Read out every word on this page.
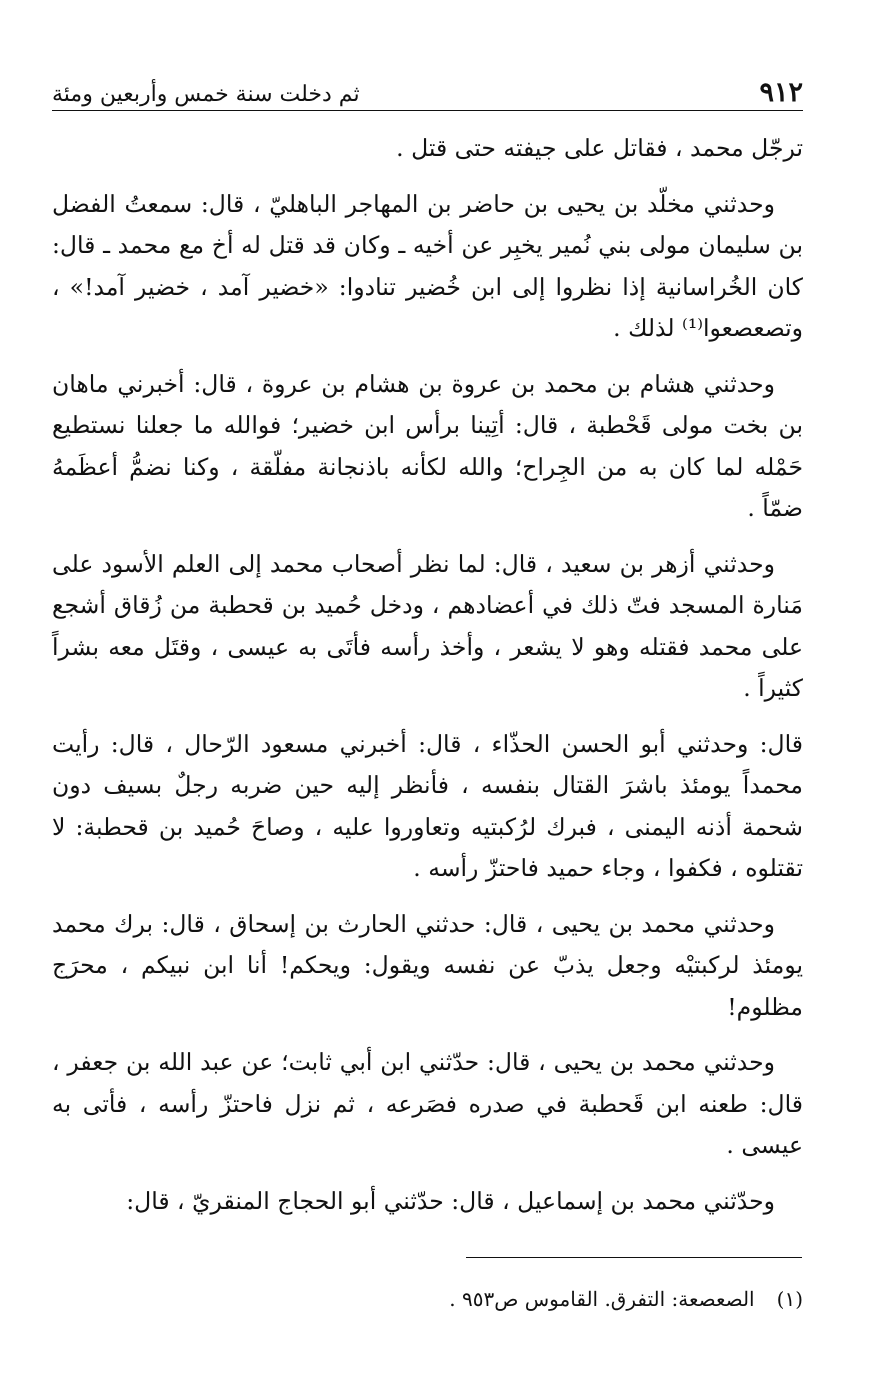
٩١٢
ثم دخلت سنة خمس وأربعين ومئة

ترجّل محمد ، فقاتل على جيفته حتى قتل .

وحدثني مخلّد بن يحيى بن حاضر بن المهاجر الباهليّ ، قال: سمعتُ الفضل بن سليمان مولى بني نُمير يخبِر عن أخيه ـ وكان قد قتل له أخ مع محمد ـ قال: كان الخُراسانية إذا نظروا إلى ابن خُضير تنادوا: «خضير آمد ، خضير آمد!» ، وتصعصعوا⁽¹⁾ لذلك .

وحدثني هشام بن محمد بن عروة بن هشام بن عروة ، قال: أخبرني ماهان بن بخت مولى قَحْطبة ، قال: أتِينا برأس ابن خضير؛ فوالله ما جعلنا نستطيع حَمْله لما كان به من الجِراح؛ والله لكأنه باذنجانة مفلّقة ، وكنا نضمُّ أعظَمهُ ضمّاً .

وحدثني أزهر بن سعيد ، قال: لما نظر أصحاب محمد إلى العلم الأسود على مَنارة المسجد فتّ ذلك في أعضادهم ، ودخل حُميد بن قحطبة من زُقاق أشجع على محمد فقتله وهو لا يشعر ، وأخذ رأسه فأتَى به عيسى ، وقتَل معه بشراً كثيراً .

قال: وحدثني أبو الحسن الحذّاء ، قال: أخبرني مسعود الرّحال ، قال: رأيت محمداً يومئذ باشرَ القتال بنفسه ، فأنظر إليه حين ضربه رجلٌ بسيف دون شحمة أذنه اليمنى ، فبرك لرُكبتيه وتعاوروا عليه ، وصاحَ حُميد بن قحطبة: لا تقتلوه ، فكفوا ، وجاء حميد فاحتزّ رأسه .

وحدثني محمد بن يحيى ، قال: حدثني الحارث بن إسحاق ، قال: برك محمد يومئذ لركبتيْه وجعل يذبّ عن نفسه ويقول: ويحكم! أنا ابن نبيكم ، محرَج مظلوم!

وحدثني محمد بن يحيى ، قال: حدّثني ابن أبي ثابت؛ عن عبد الله بن جعفر ، قال: طعنه ابن قَحطبة في صدره فصَرعه ، ثم نزل فاحتزّ رأسه ، فأتى به عيسى .

وحدّثني محمد بن إسماعيل ، قال: حدّثني أبو الحجاج المنقريّ ، قال:

(١)الصعصعة: التفرق. القاموس ص٩٥٣ .
